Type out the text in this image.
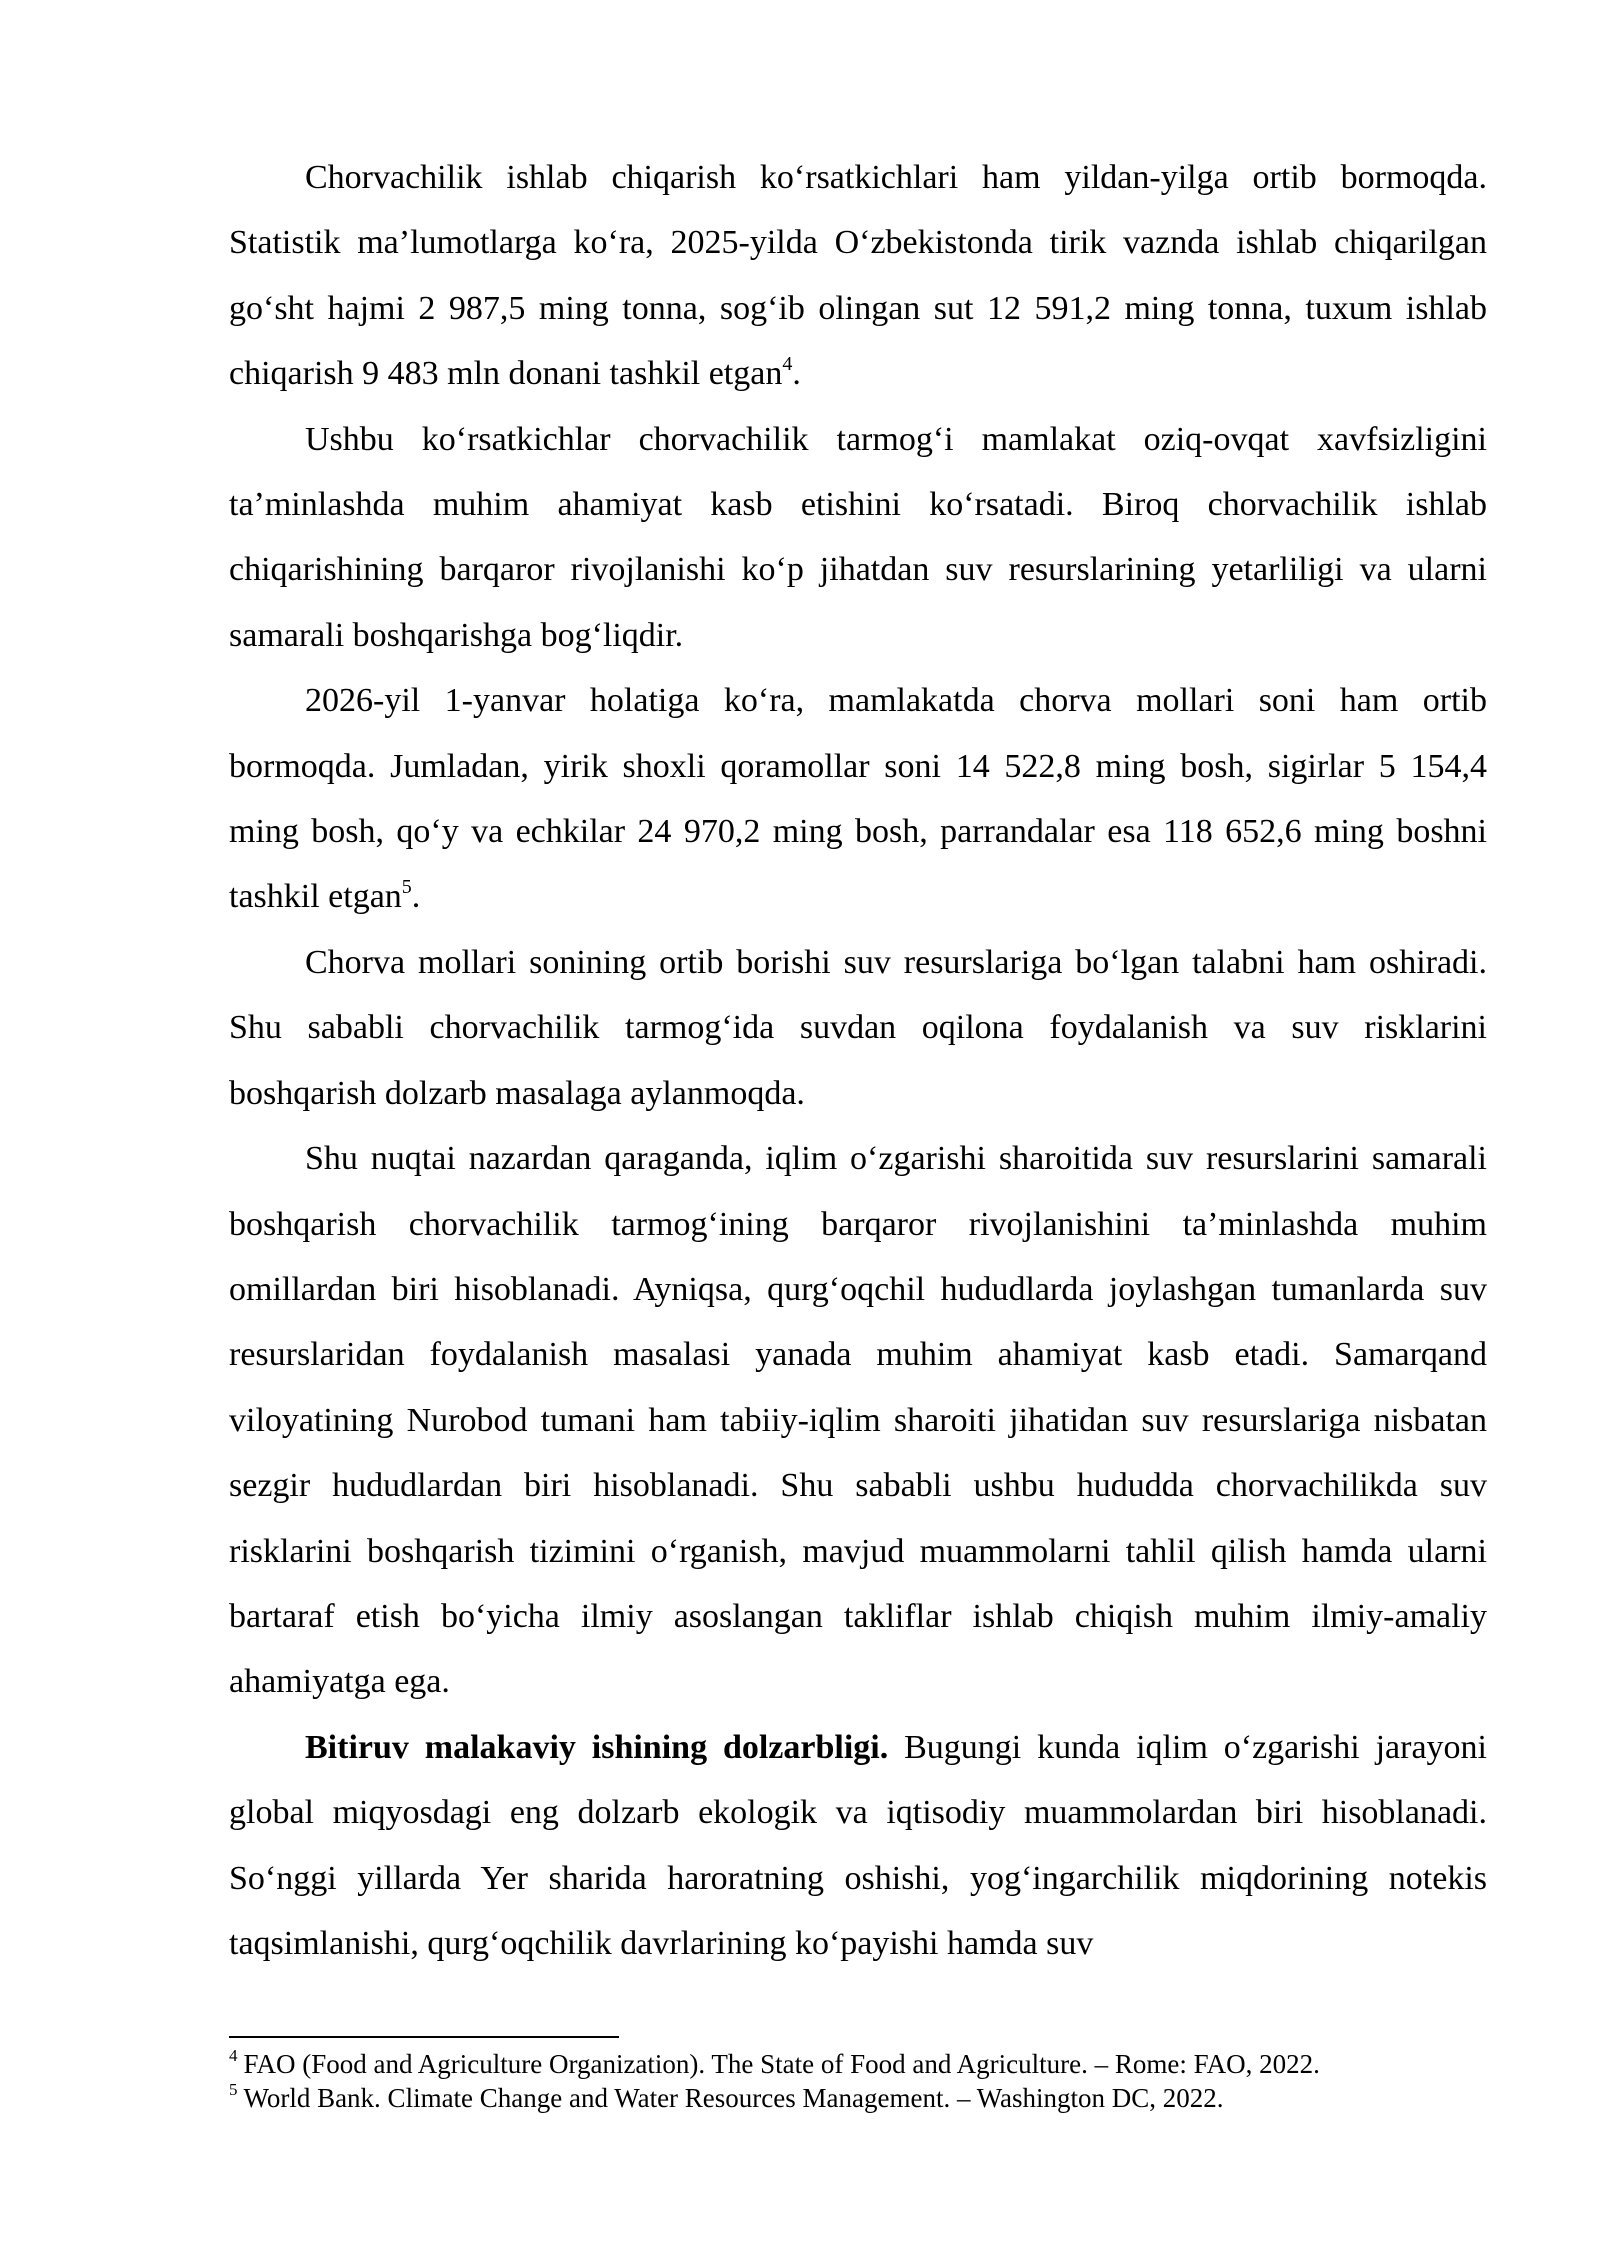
Chorvachilik ishlab chiqarish ko‘rsatkichlari ham yildan-yilga ortib bormoqda. Statistik ma’lumotlarga ko‘ra, 2025-yilda O‘zbekistonda tirik vaznda ishlab chiqarilgan go‘sht hajmi 2 987,5 ming tonna, sog‘ib olingan sut 12 591,2 ming tonna, tuxum ishlab chiqarish 9 483 mln donani tashkil etgan$^4$.

Ushbu ko‘rsatkichlar chorvachilik tarmog‘i mamlakat oziq-ovqat xavfsizligini ta’minlashda muhim ahamiyat kasb etishini ko‘rsatadi. Biroq chorvachilik ishlab chiqarishining barqaror rivojlanishi ko‘p jihatdan suv resurslarining yetarliligi va ularni samarali boshqarishga bog‘liqdir.

2026-yil 1-yanvar holatiga ko‘ra, mamlakatda chorva mollari soni ham ortib bormoqda. Jumladan, yirik shoxli qoramollar soni 14 522,8 ming bosh, sigirlar 5 154,4 ming bosh, qo‘y va echkilar 24 970,2 ming bosh, parrandalar esa 118 652,6 ming boshni tashkil etgan$^5$.

Chorva mollari sonining ortib borishi suv resurslariga bo‘lgan talabni ham oshiradi. Shu sababli chorvachilik tarmog‘ida suvdan oqilona foydalanish va suv risklarini boshqarish dolzarb masalaga aylanmoqda.

Shu nuqtai nazardan qaraganda, iqlim o‘zgarishi sharoitida suv resurslarini samarali boshqarish chorvachilik tarmog‘ining barqaror rivojlanishini ta’minlashda muhim omillardan biri hisoblanadi. Ayniqsa, qurg‘oqchil hududlarda joylashgan tumanlarda suv resurslaridan foydalanish masalasi yanada muhim ahamiyat kasb etadi. Samarqand viloyatining Nurobod tumani ham tabiiy-iqlim sharoiti jihatidan suv resurslariga nisbatan sezgir hududlardan biri hisoblanadi. Shu sababli ushbu hududda chorvachilikda suv risklarini boshqarish tizimini o‘rganish, mavjud muammolarni tahlil qilish hamda ularni bartaraf etish bo‘yicha ilmiy asoslangan takliflar ishlab chiqish muhim ilmiy-amaliy ahamiyatga ega.

Bitiruv malakaviy ishining dolzarbligi. Bugungi kunda iqlim o‘zgarishi jarayoni global miqyosdagi eng dolzarb ekologik va iqtisodiy muammolardan biri hisoblanadi. So‘nggi yillarda Yer sharida haroratning oshishi, yog‘ingarchilik miqdorining notekis taqsimlanishi, qurg‘oqchilik davrlarining ko‘payishi hamda suv

$^4$ FAO (Food and Agriculture Organization). The State of Food and Agriculture. – Rome: FAO, 2022.

$^5$ World Bank. Climate Change and Water Resources Management. – Washington DC, 2022.
